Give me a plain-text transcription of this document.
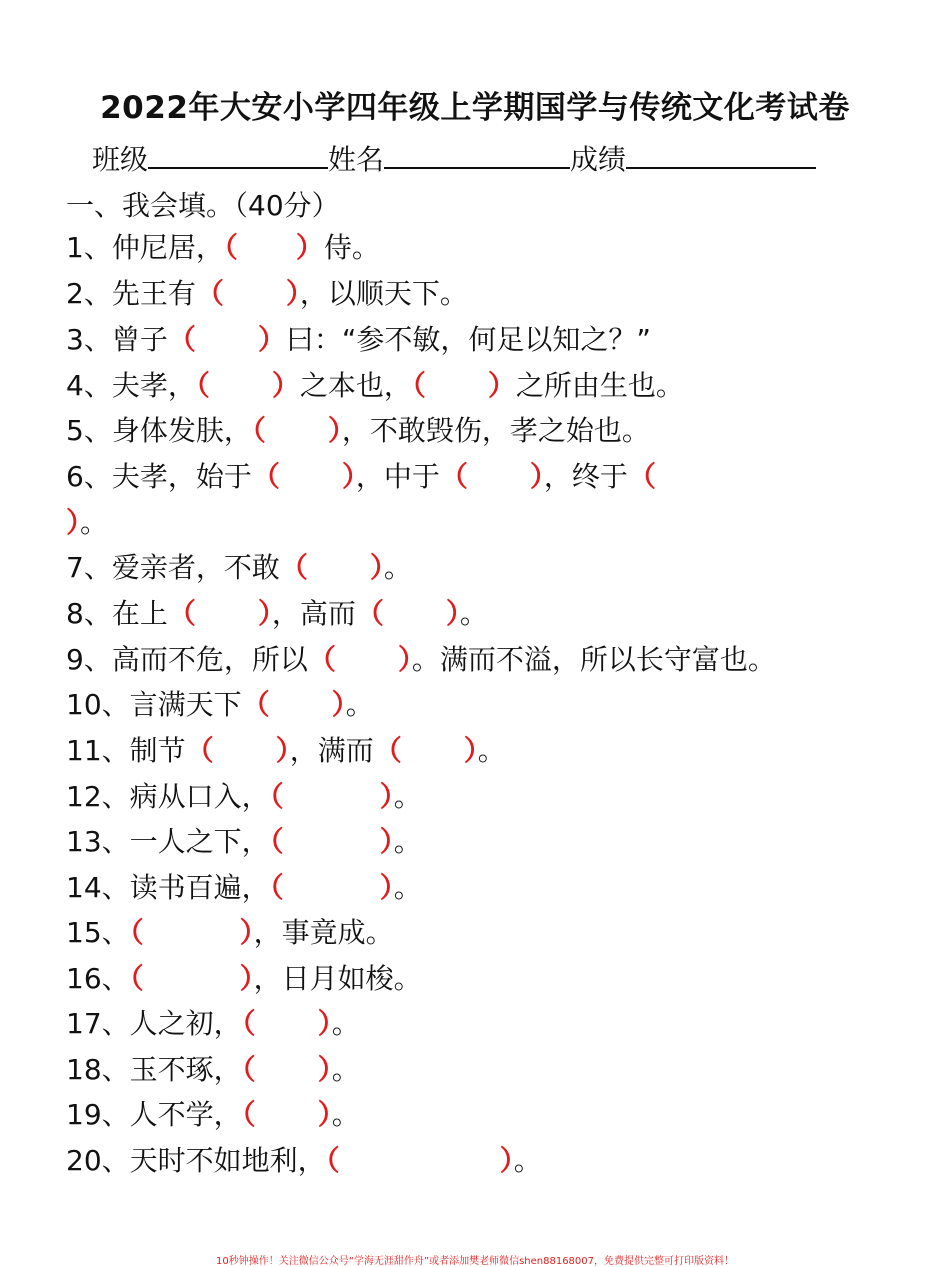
2022年大安小学四年级上学期国学与传统文化考试卷
班级	姓名	成绩
一、我会填。（40分）
1、仲尼居，（ ）侍。
2、先王有（ ），以顺天下。
3、曾子（ ）曰：“参不敏，何足以知之？”
4、夫孝，（ ）之本也，（ ）之所由生也。
5、身体发肤，（ ），不敢毁伤，孝之始也。
6、夫孝，始于（ ），中于（ ），终于（
）。
7、爱亲者，不敢（ ）。
8、在上（ ），高而（ ）。
9、高而不危，所以（ ）。满而不溢，所以长守富也。
10、言满天下（ ）。
11、制节（ ），满而（ ）。
12、病从口入，（	）。
13、一人之下，（	）。
14、读书百遍，（	）。
15、（	），事竟成。
16、（	），日月如梭。
17、人之初，（ ）。
18、玉不琢，（ ）。
19、人不学，（ ）。
20、天时不如地利，（	）。
10秒钟操作！关注微信公众号“学海无涯甜作舟”或者添加樊老师微信shen88168007，免费提供完整可打印版资料！
